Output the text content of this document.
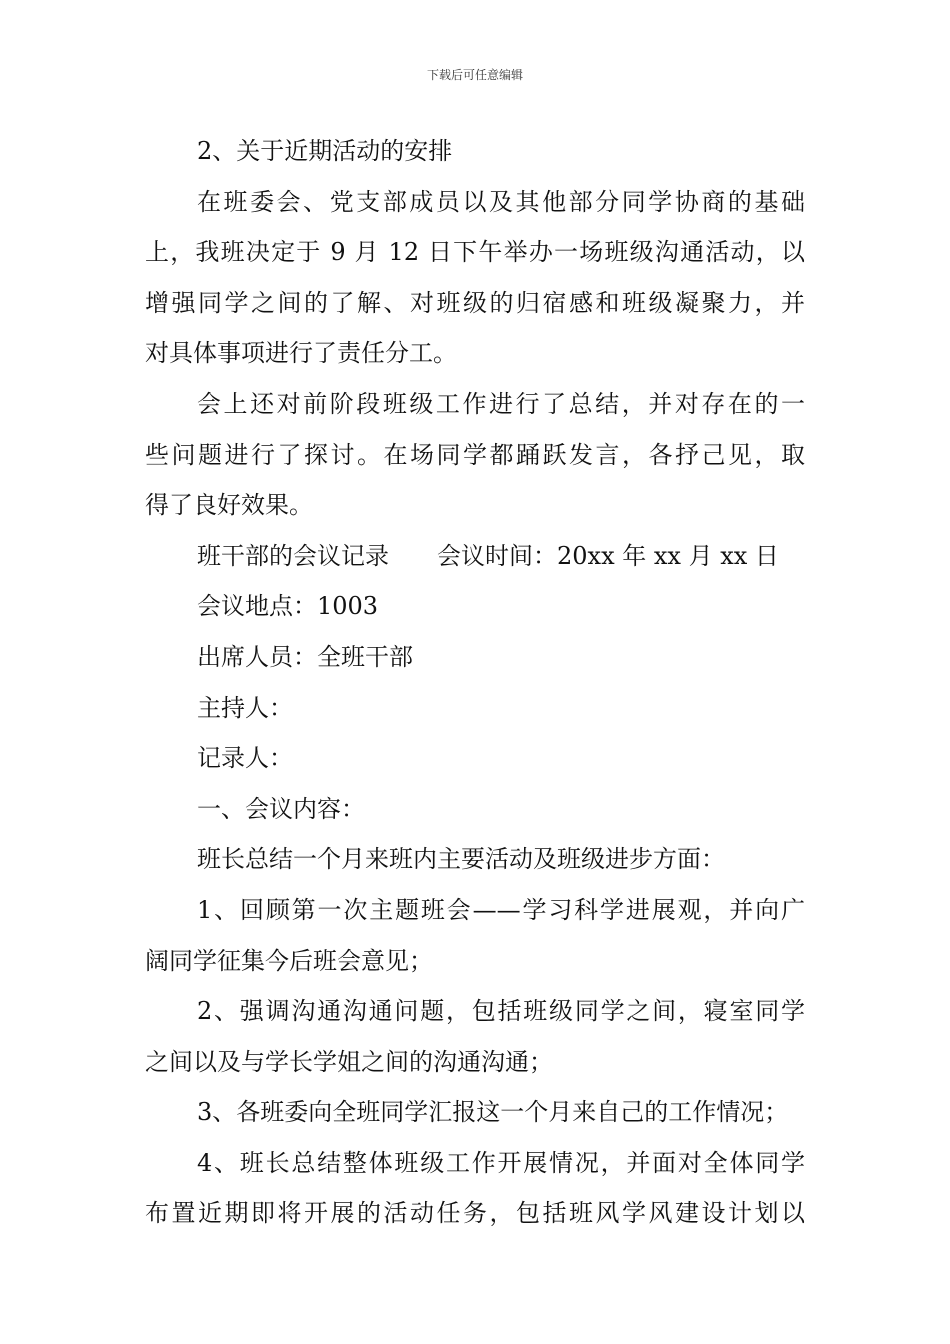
下载后可任意编辑
2、关于近期活动的安排
在班委会、党支部成员以及其他部分同学协商的基础
上，我班决定于 9 月 12 日下午举办一场班级沟通活动，以
增强同学之间的了解、对班级的归宿感和班级凝聚力，并
对具体事项进行了责任分工。
会上还对前阶段班级工作进行了总结，并对存在的一
些问题进行了探讨。在场同学都踊跃发言，各抒己见，取
得了良好效果。
班干部的会议记录 会议时间：20xx 年 xx 月 xx 日
会议地点：1003
出席人员：全班干部
主持人：
记录人：
一、会议内容：
班长总结一个月来班内主要活动及班级进步方面：
1、回顾第一次主题班会——学习科学进展观，并向广
阔同学征集今后班会意见；
2、强调沟通沟通问题，包括班级同学之间，寝室同学
之间以及与学长学姐之间的沟通沟通；
3、各班委向全班同学汇报这一个月来自己的工作情况；
4、班长总结整体班级工作开展情况，并面对全体同学
布置近期即将开展的活动任务，包括班风学风建设计划以
